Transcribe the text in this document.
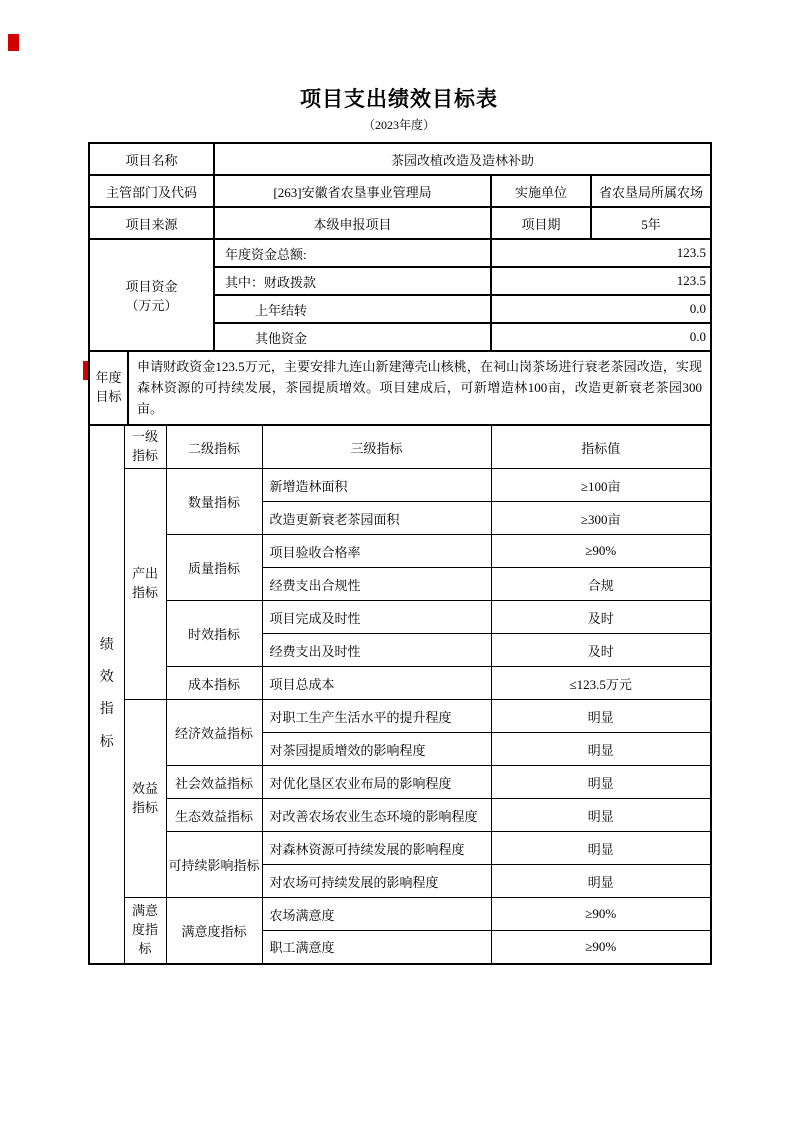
项目支出绩效目标表
（2023年度）
项目名称	茶园改植改造及造林补助		
主管部门及代码	[263]安徽省农垦事业管理局	实施单位	省农垦局所属农场
项目来源	本级申报项目	项目期	5年

项目资金
（万元）	年度资金总额:	123.5	
	其中：财政拨款	123.5	
	上年结转	0.0	
	其他资金	0.0	
年度目标	申请财政资金123.5万元，主要安排九连山新建薄壳山核桃，在祠山岗茶场进行衰老茶园改造，实现森林资源的可持续发展，茶园提质增效。项目建成后，可新增造林100亩，改造更新衰老茶园300亩。
绩效指标	一级指标	二级指标	三级指标	指标值
	产出指标	数量指标	新增造林面积	≥100亩
			改造更新衰老茶园面积	≥300亩
		质量指标	项目验收合格率	≥90%
			经费支出合规性	合规
		时效指标	项目完成及时性	及时
			经费支出及时性	及时
		成本指标	项目总成本	≤123.5万元
	效益指标	经济效益指标	对职工生产生活水平的提升程度	明显
			对茶园提质增效的影响程度	明显
		社会效益指标	对优化垦区农业布局的影响程度	明显
		生态效益指标	对改善农场农业生态环境的影响程度	明显
		可持续影响指标	对森林资源可持续发展的影响程度	明显
			对农场可持续发展的影响程度	明显
	满意度指标	满意度指标	农场满意度	≥90%
			职工满意度	≥90%
